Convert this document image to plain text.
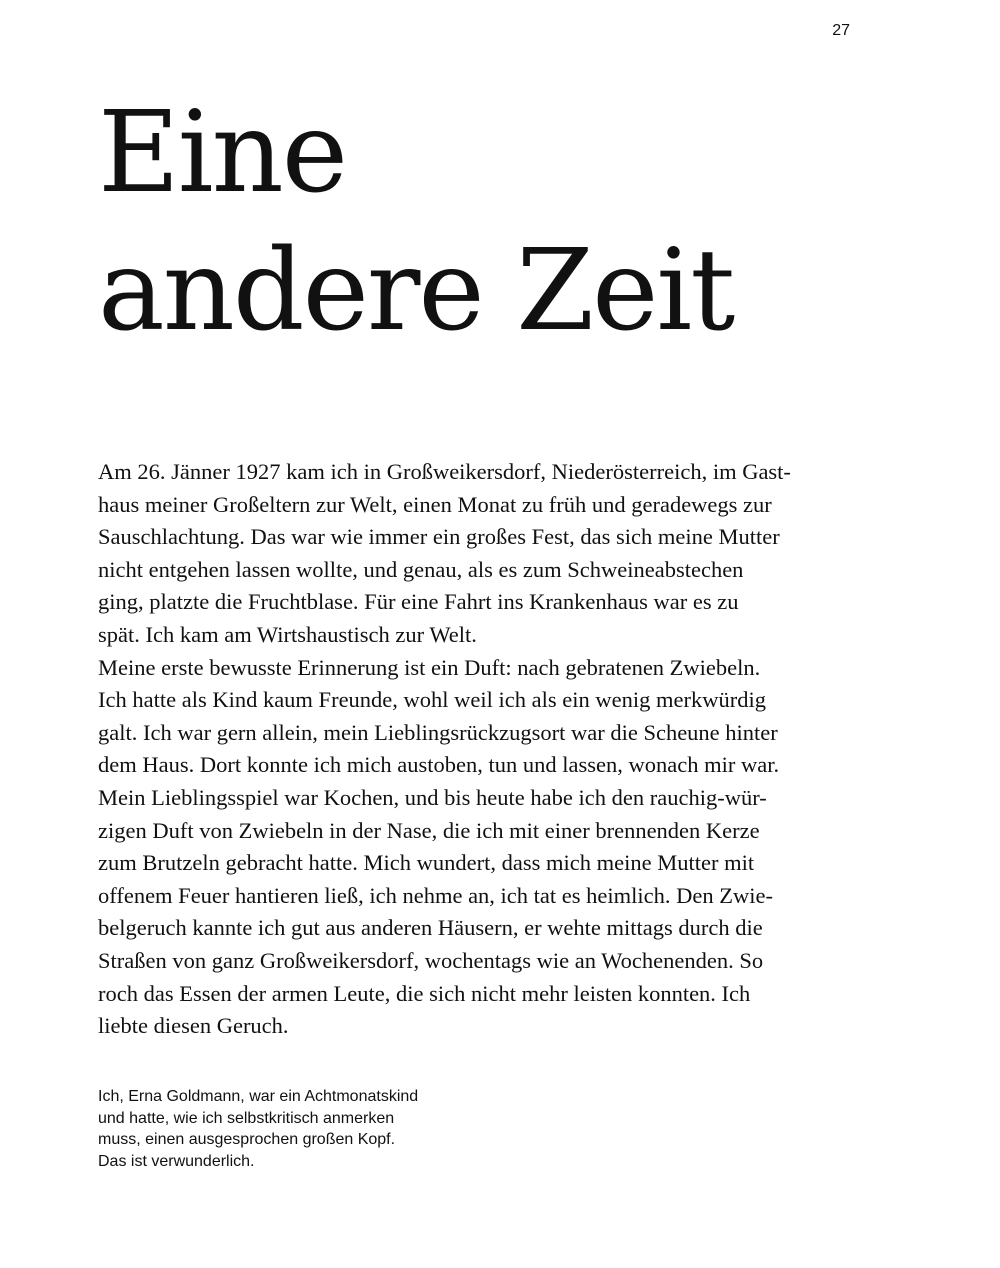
27
Eine
andere Zeit
Am 26. Jänner 1927 kam ich in Großweikersdorf, Niederösterreich, im Gast-
haus meiner Großeltern zur Welt, einen Monat zu früh und geradewegs zur
Sauschlachtung. Das war wie immer ein großes Fest, das sich meine Mutter
nicht entgehen lassen wollte, und genau, als es zum Schweineabstechen
ging, platzte die Fruchtblase. Für eine Fahrt ins Krankenhaus war es zu
spät. Ich kam am Wirtshaustisch zur Welt.
Meine erste bewusste Erinnerung ist ein Duft: nach gebratenen Zwiebeln.
Ich hatte als Kind kaum Freunde, wohl weil ich als ein wenig merkwürdig
galt. Ich war gern allein, mein Lieblingsrückzugsort war die Scheune hinter
dem Haus. Dort konnte ich mich austoben, tun und lassen, wonach mir war.
Mein Lieblingsspiel war Kochen, und bis heute habe ich den rauchig-wür-
zigen Duft von Zwiebeln in der Nase, die ich mit einer brennenden Kerze
zum Brutzeln gebracht hatte. Mich wundert, dass mich meine Mutter mit
offenem Feuer hantieren ließ, ich nehme an, ich tat es heimlich. Den Zwie-
belgeruch kannte ich gut aus anderen Häusern, er wehte mittags durch die
Straßen von ganz Großweikersdorf, wochentags wie an Wochenenden. So
roch das Essen der armen Leute, die sich nicht mehr leisten konnten. Ich
liebte diesen Geruch.
Ich, Erna Goldmann, war ein Achtmonatskind
und hatte, wie ich selbstkritisch anmerken
muss, einen ausgesprochen großen Kopf.
Das ist verwunderlich.
